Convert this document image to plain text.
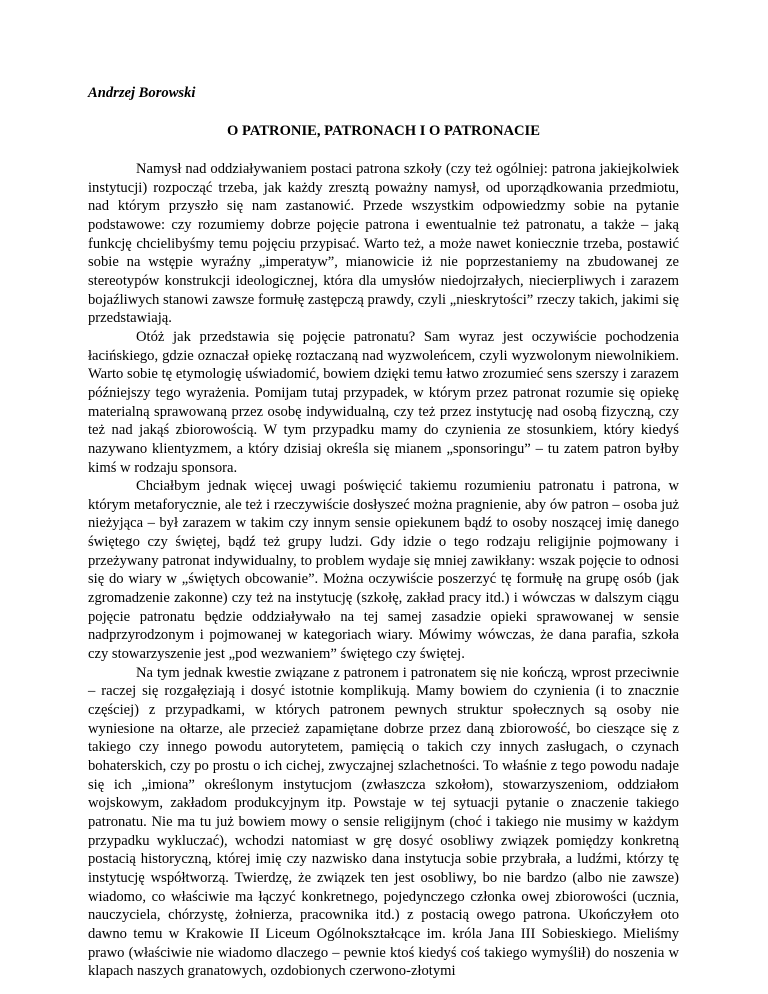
Andrzej Borowski

O PATRONIE, PATRONACH I O PATRONACIE

Namysł nad oddziaływaniem postaci patrona szkoły (czy też ogólniej: patrona jakiejkolwiek instytucji) rozpocząć trzeba, jak każdy zresztą poważny namysł, od uporządkowania przedmiotu, nad którym przyszło się nam zastanowić. Przede wszystkim odpowiedzmy sobie na pytanie podstawowe: czy rozumiemy dobrze pojęcie patrona i ewentualnie też patronatu, a także – jaką funkcję chcielibyśmy temu pojęciu przypisać. Warto też, a może nawet koniecznie trzeba, postawić sobie na wstępie wyraźny „imperatyw”, mianowicie iż nie poprzestaniemy na zbudowanej ze stereotypów konstrukcji ideologicznej, która dla umysłów niedojrzałych, niecierpliwych i zarazem bojaźliwych stanowi zawsze formułę zastępczą prawdy, czyli „nieskrytości” rzeczy takich, jakimi się przedstawiają.

Otóż jak przedstawia się pojęcie patronatu? Sam wyraz jest oczywiście pochodzenia łacińskiego, gdzie oznaczał opiekę roztaczaną nad wyzwoleńcem, czyli wyzwolonym niewolnikiem. Warto sobie tę etymologię uświadomić, bowiem dzięki temu łatwo zrozumieć sens szerszy i zarazem późniejszy tego wyrażenia. Pomijam tutaj przypadek, w którym przez patronat rozumie się opiekę materialną sprawowaną przez osobę indywidualną, czy też przez instytucję nad osobą fizyczną, czy też nad jakąś zbiorowością. W tym przypadku mamy do czynienia ze stosunkiem, który kiedyś nazywano klientyzmem, a który dzisiaj określa się mianem „sponsoringu” – tu zatem patron byłby kimś w rodzaju sponsora.

Chciałbym jednak więcej uwagi poświęcić takiemu rozumieniu patronatu i patrona, w którym metaforycznie, ale też i rzeczywiście dosłyszeć można pragnienie, aby ów patron – osoba już nieżyjąca – był zarazem w takim czy innym sensie opiekunem bądź to osoby noszącej imię danego świętego czy świętej, bądź też grupy ludzi. Gdy idzie o tego rodzaju religijnie pojmowany i przeżywany patronat indywidualny, to problem wydaje się mniej zawikłany: wszak pojęcie to odnosi się do wiary w „świętych obcowanie”. Można oczywiście poszerzyć tę formułę na grupę osób (jak zgromadzenie zakonne) czy też na instytucję (szkołę, zakład pracy itd.) i wówczas w dalszym ciągu pojęcie patronatu będzie oddziaływało na tej samej zasadzie opieki sprawowanej w sensie nadprzyrodzonym i pojmowanej w kategoriach wiary. Mówimy wówczas, że dana parafia, szkoła czy stowarzyszenie jest „pod wezwaniem” świętego czy świętej.

Na tym jednak kwestie związane z patronem i patronatem się nie kończą, wprost przeciwnie – raczej się rozgałęziają i dosyć istotnie komplikują. Mamy bowiem do czynienia (i to znacznie częściej) z przypadkami, w których patronem pewnych struktur społecznych są osoby nie wyniesione na ołtarze, ale przecież zapamiętane dobrze przez daną zbiorowość, bo cieszące się z takiego czy innego powodu autorytetem, pamięcią o takich czy innych zasługach, o czynach bohaterskich, czy po prostu o ich cichej, zwyczajnej szlachetności. To właśnie z tego powodu nadaje się ich „imiona” określonym instytucjom (zwłaszcza szkołom), stowarzyszeniom, oddziałom wojskowym, zakładom produkcyjnym itp. Powstaje w tej sytuacji pytanie o znaczenie takiego patronatu. Nie ma tu już bowiem mowy o sensie religijnym (choć i takiego nie musimy w każdym przypadku wykluczać), wchodzi natomiast w grę dosyć osobliwy związek pomiędzy konkretną postacią historyczną, której imię czy nazwisko dana instytucja sobie przybrała, a ludźmi, którzy tę instytucję współtworzą. Twierdzę, że związek ten jest osobliwy, bo nie bardzo (albo nie zawsze) wiadomo, co właściwie ma łączyć konkretnego, pojedynczego członka owej zbiorowości (ucznia, nauczyciela, chórzystę, żołnierza, pracownika itd.) z postacią owego patrona. Ukończyłem oto dawno temu w Krakowie II Liceum Ogólnokształcące im. króla Jana III Sobieskiego. Mieliśmy prawo (właściwie nie wiadomo dlaczego – pewnie ktoś kiedyś coś takiego wymyślił) do noszenia w klapach naszych granatowych, ozdobionych czerwono-złotymi
